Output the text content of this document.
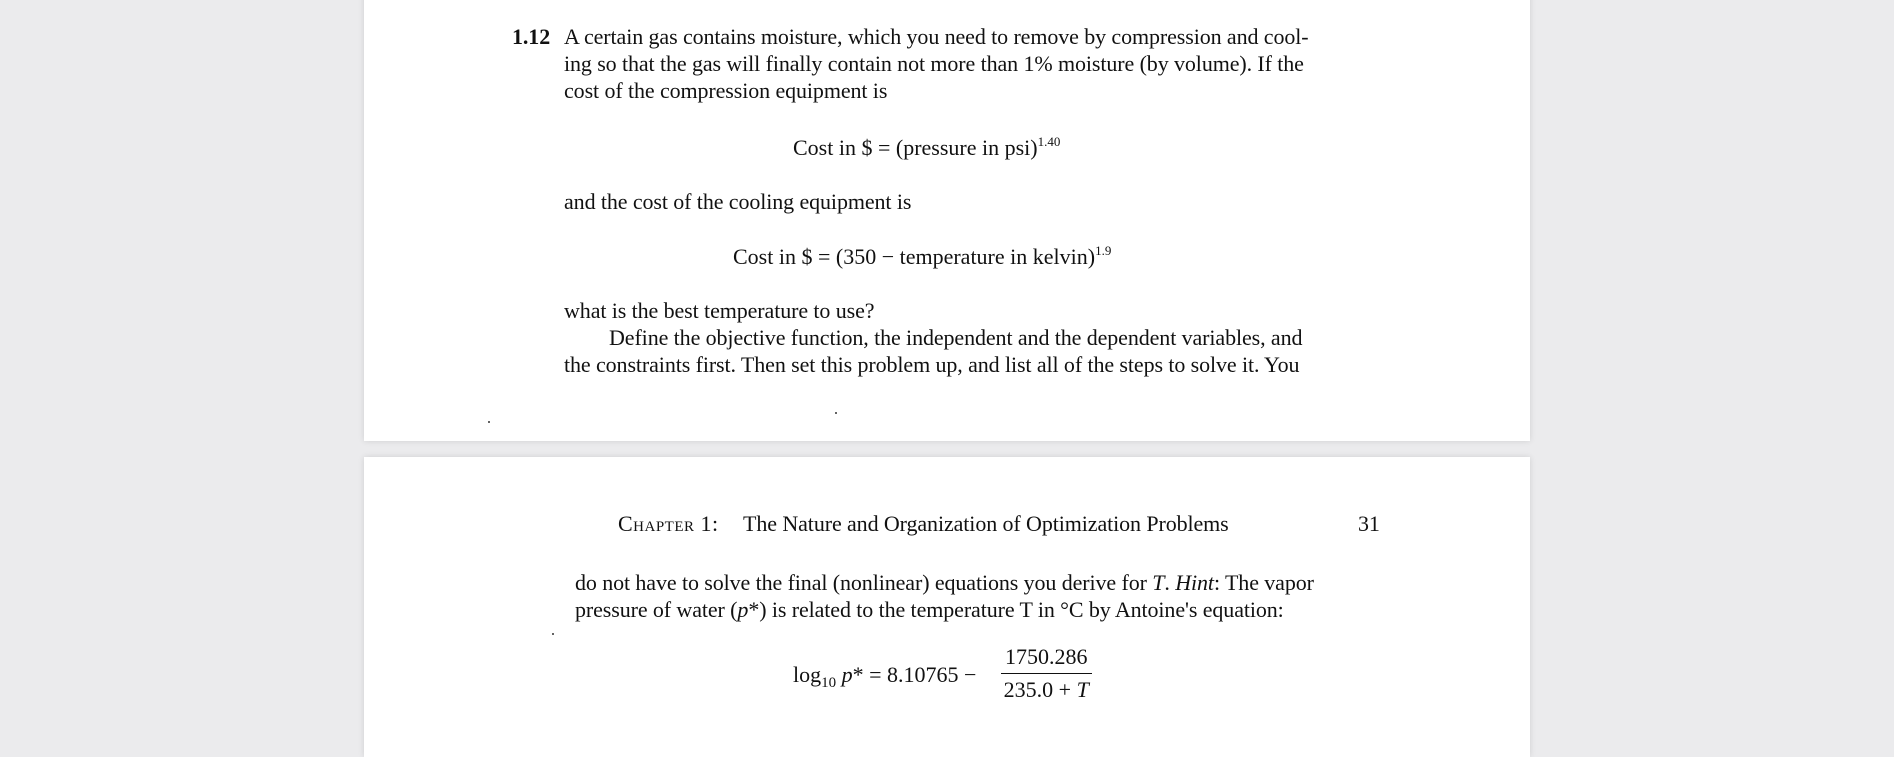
1.12 A certain gas contains moisture, which you need to remove by compression and cool-
ing so that the gas will finally contain not more than 1% moisture (by volume). If the
cost of the compression equipment is
Cost in $ = (pressure in psi)$^{1.40}$
and the cost of the cooling equipment is
Cost in $ = (350 − temperature in kelvin)$^{1.9}$
what is the best temperature to use?
Define the objective function, the independent and the dependent variables, and
the constraints first. Then set this problem up, and list all of the steps to solve it. You
Chapter 1: The Nature and Organization of Optimization Problems	31
do not have to solve the final (nonlinear) equations you derive for T. Hint: The vapor
pressure of water (p*) is related to the temperature T in °C by Antoine's equation:
$\log_{10} p* = 8.10765 - \frac{1750.286}{235.0 + T}$
